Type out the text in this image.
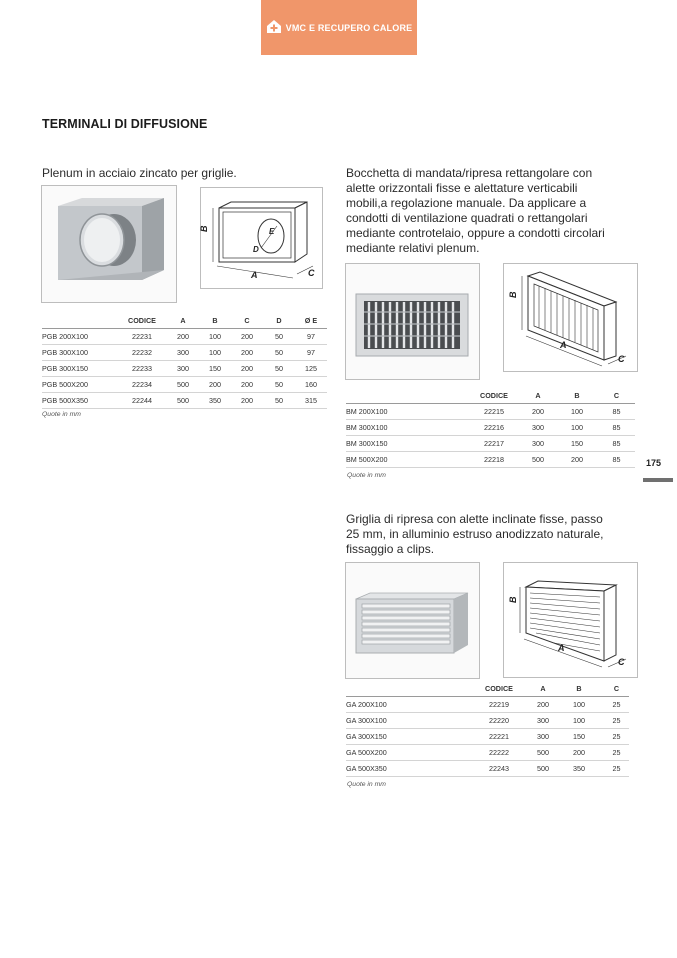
VMC E RECUPERO CALORE
TERMINALI DI DIFFUSIONE
Plenum in acciaio zincato per griglie.
B
A	C
D
E
	CODICE	A	B	C	D	Ø E
PGB 200X100	22231	200	100	200	50	97
PGB 300X100	22232	300	100	200	50	97
PGB 300X150	22233	300	150	200	50	125
PGB 500X200	22234	500	200	200	50	160
PGB 500X350	22244	500	350	200	50	315
Quote in mm
Bocchetta di mandata/ripresa rettangolare con
alette orizzontali fisse e alettature verticabili
mobili,a regolazione manuale. Da applicare a
condotti di ventilazione quadrati o rettangolari
mediante controtelaio, oppure a condotti circolari
mediante relativi plenum.
B
A
C
	CODICE	A	B	C
BM 200X100	22215	200	100	85
BM 300X100	22216	300	100	85
BM 300X150	22217	300	150	85
BM 500X200	22218	500	200	85
Quote in mm
175
Griglia di ripresa con alette inclinate fisse, passo
25 mm, in alluminio estruso anodizzato naturale,
fissaggio a clips.
B
A
C
	CODICE	A	B	C
GA 200X100	22219	200	100	25
GA 300X100	22220	300	100	25
GA 300X150	22221	300	150	25
GA 500X200	22222	500	200	25
GA 500X350	22243	500	350	25
Quote in mm
